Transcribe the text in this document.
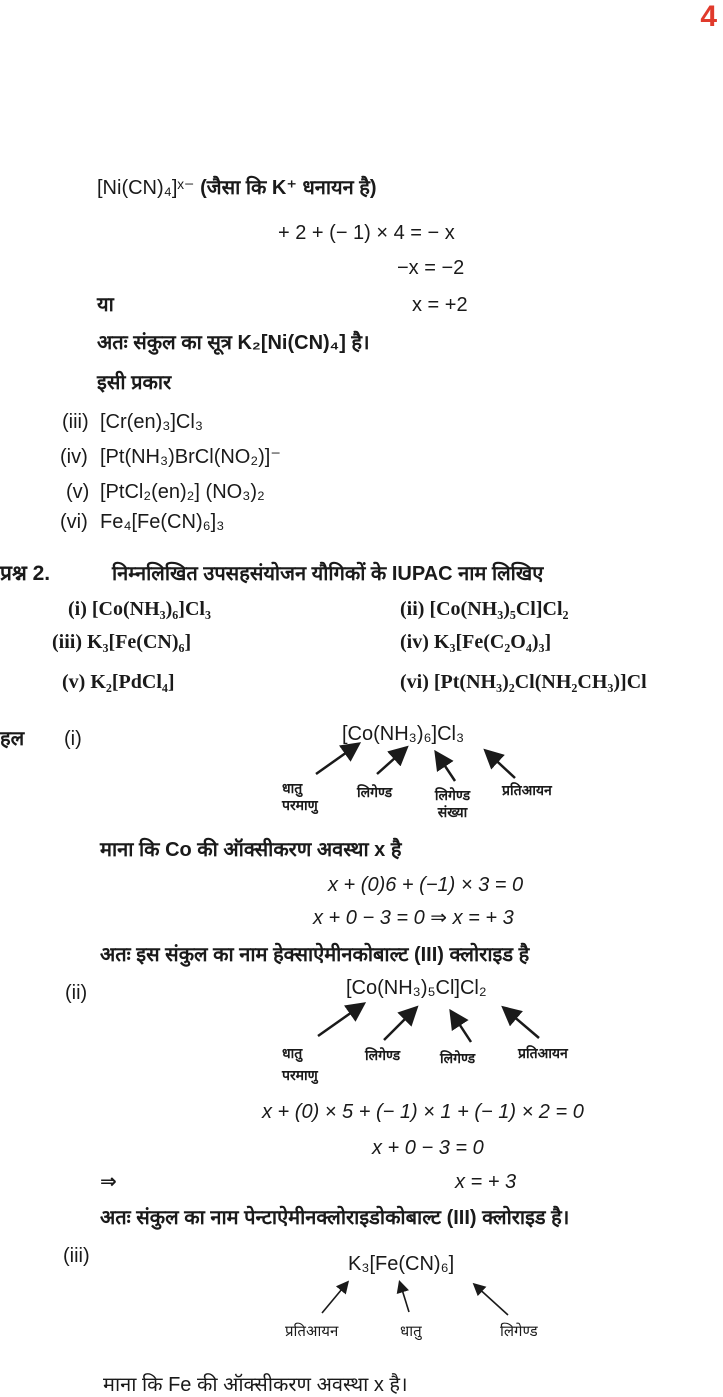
4
[Ni(CN)₄]ˣ⁻ (जैसा कि K⁺ धनायन है)
+ 2 + (− 1) × 4 = − x
−x = −2
या	x = +2
अतः संकुल का सूत्र K₂[Ni(CN)₄] है।
इसी प्रकार
(iii) [Cr(en)₃]Cl₃
(iv) [Pt(NH₃)BrCl(NO₂)]⁻
(v) [PtCl₂(en)₂] (NO₃)₂
(vi) Fe₄[Fe(CN)₆]₃
प्रश्न 2.	निम्नलिखित उपसहसंयोजन यौगिकों के IUPAC नाम लिखिए
(i) [Co(NH₃)₆]Cl₃	(ii) [Co(NH₃)₅Cl]Cl₂
(iii) K₃[Fe(CN)₆]	(iv) K₃[Fe(C₂O₄)₃]
(v) K₂[PdCl₄]	(vi) [Pt(NH₃)₂Cl(NH₂CH₃)]Cl
हल (i)	[Co(NH₃)₆]Cl₃
धातु परमाणु
लिगेण्ड	लिगेण्ड संख्या
प्रतिआयन
माना कि Co की ऑक्सीकरण अवस्था x है
x + (0)6 + (−1) × 3 = 0
x + 0 − 3 = 0 ⇒ x = + 3
अतः इस संकुल का नाम हेक्साऐमीनकोबाल्ट (III) क्लोराइड है
(ii)	[Co(NH₃)₅Cl]Cl₂
धातु परमाणु
लिगेण्ड	लिगेण्ड	प्रतिआयन
x + (0) × 5 + (− 1) × 1 + (− 1) × 2 = 0
x + 0 − 3 = 0
⇒	x = + 3
अतः संकुल का नाम पेन्टाऐमीनक्लोराइडोकोबाल्ट (III) क्लोराइड है।
(iii)	K₃[Fe(CN)₆]
प्रतिआयन	धातु	लिगेण्ड
माना कि Fe की ऑक्सीकरण अवस्था x है।
